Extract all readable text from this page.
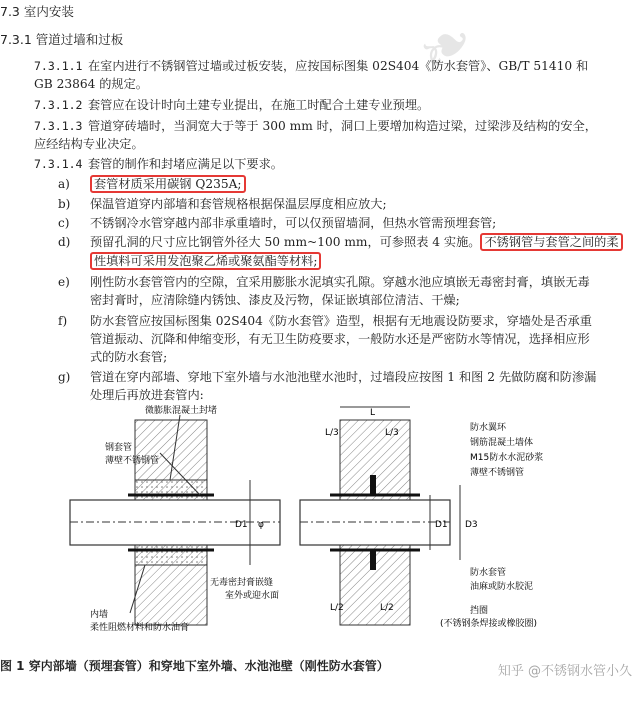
❧
7.3 室内安装
7.3.1 管道过墙和过板
7.3.1.1 在室内进行不锈钢管过墙或过板安装，应按国标图集 02S404《防水套管》、GB/T 51410 和
GB 23864 的规定。
7.3.1.2 套管应在设计时向土建专业提出，在施工时配合土建专业预埋。
7.3.1.3 管道穿砖墙时，当洞宽大于等于 300 mm 时，洞口上要增加构造过梁，过梁涉及结构的安全，
应经结构专业决定。
7.3.1.4 套管的制作和封堵应满足以下要求。
a) 套管材质采用碳钢 Q235A;
b) 保温管道穿内部墙和套管规格根据保温层厚度相应放大;
c) 不锈钢冷水管穿越内部非承重墙时，可以仅预留墙洞，但热水管需预埋套管;
d) 预留孔洞的尺寸应比钢管外径大 50 mm~100 mm，可参照表 4 实施。 不锈钢管与套管之间的柔
性填料可采用发泡聚乙烯或聚氨酯等材料;
e) 刚性防水套管管内的空隙，宜采用膨胀水泥填实孔隙。穿越水池应填嵌无毒密封膏，填嵌无毒
密封膏时，应清除缝内锈蚀、漆皮及污物，保证嵌填部位清洁、干燥;
f) 防水套管应按国标图集 02S404《防水套管》造型，根据有无地震设防要求，穿墙处是否承重
管道振动、沉降和伸缩变形，有无卫生防疫要求，一般防水还是严密防水等情况，选择相应形
式的防水套管;
g) 管道在穿内部墙、穿地下室外墙与水池池壁水池时，过墙段应按图 1 和图 2 先做防腐和防渗漏
处理后再放进套管内:
D1 φ
微膨胀混凝土封堵
钢套管
薄壁不锈钢管
无毒密封膏嵌缝
室外或迎水面
内墙
柔性阻燃材料和防水油膏
L
L/3	L/3
L/2	L/2
D1 D3
防水翼环
钢筋混凝土墙体
M15防水水泥砂浆
薄壁不锈钢管
防水套管
油麻或防水胶泥
挡圈
(不锈钢条焊接或橡胶圈)
图 1 穿内部墙（预埋套管）和穿地下室外墙、水池池壁（刚性防水套管）	知乎 @不锈钢水管小久
